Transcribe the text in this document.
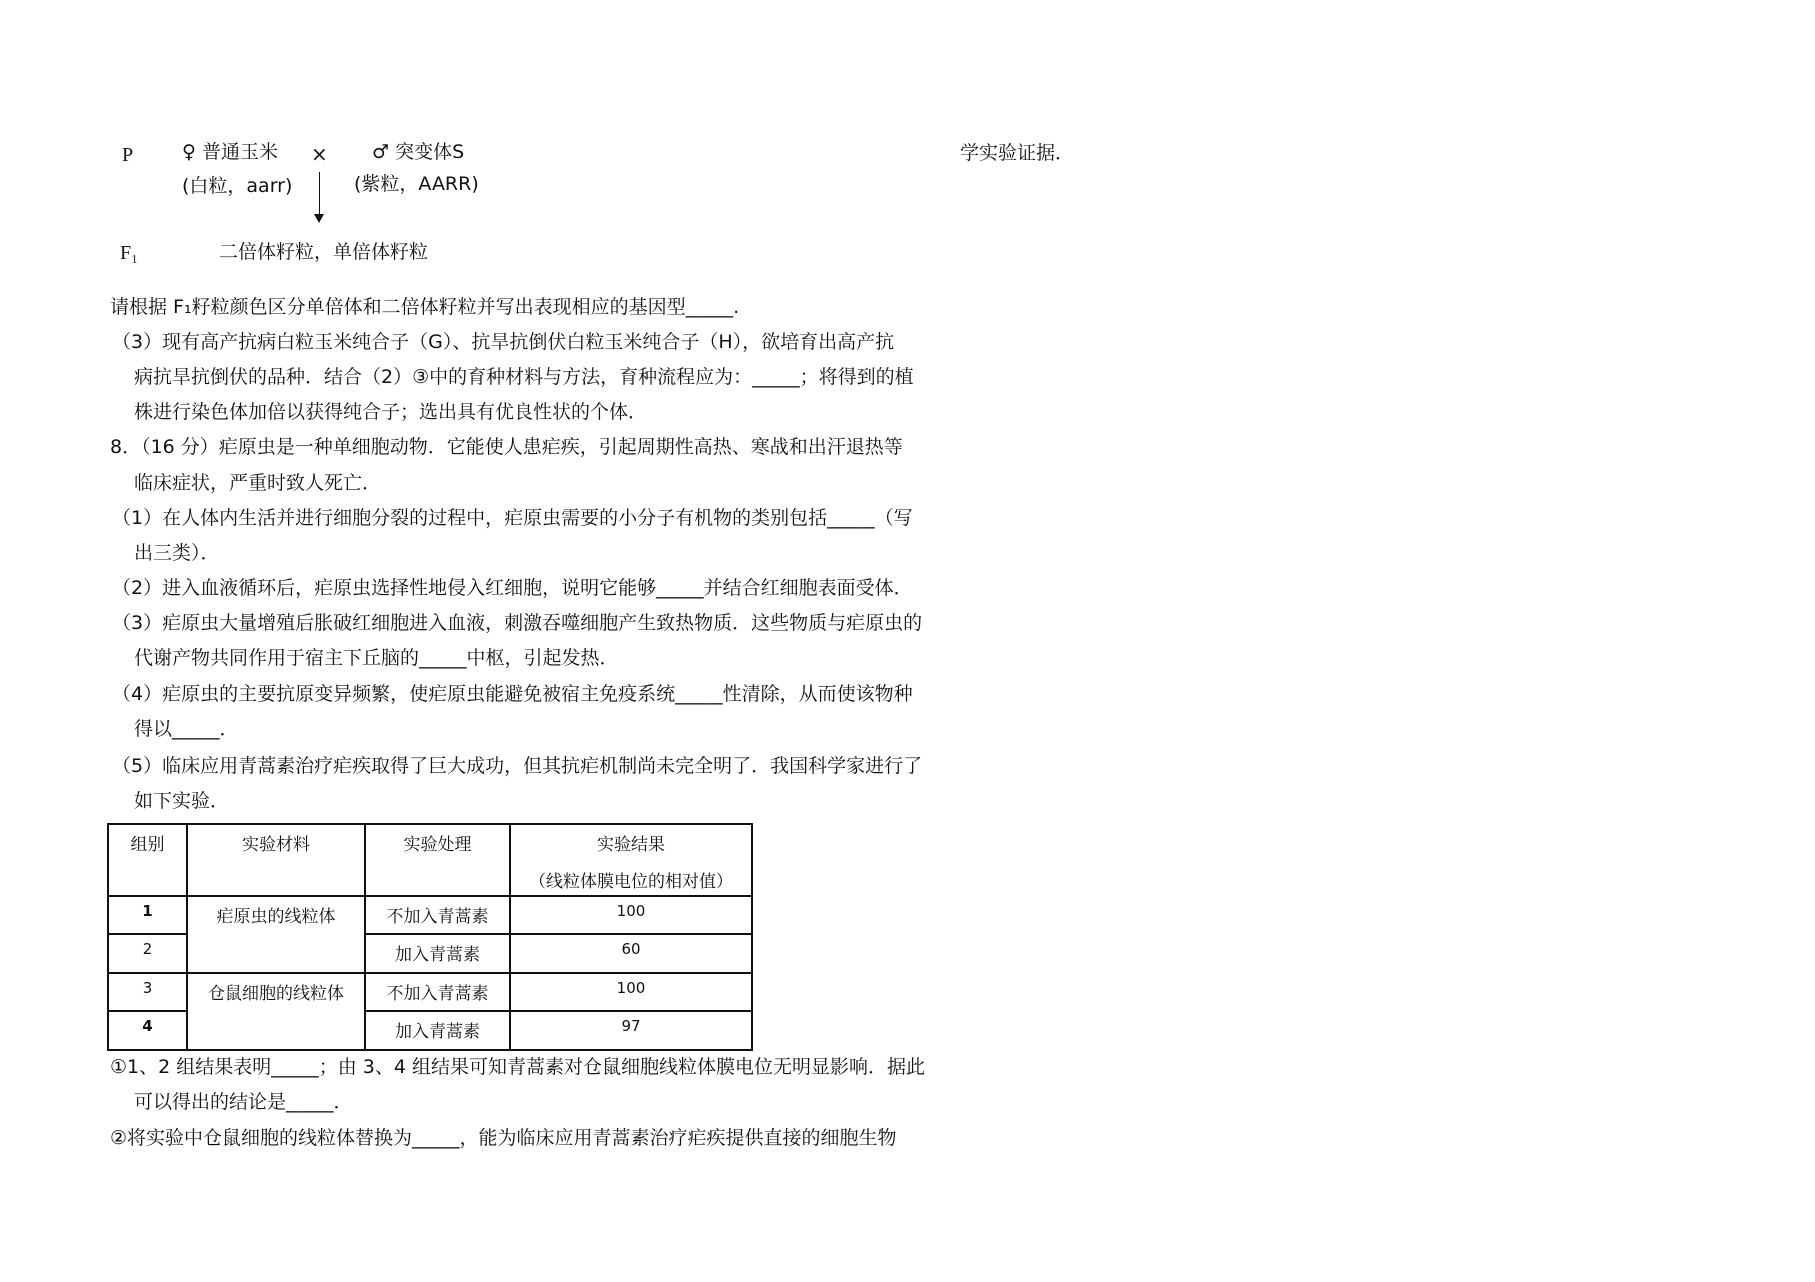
P	♀ 普通玉米 × ♂ 突变体S
(白粒，aarr)	(紫粒，AARR)
F₁	二倍体籽粒，单倍体籽粒
请根据 F₁籽粒颜色区分单倍体和二倍体籽粒并写出表现相应的基因型_____.
（3）现有高产抗病白粒玉米纯合子（G）、抗旱抗倒伏白粒玉米纯合子（H），欲培育出高产抗
病抗旱抗倒伏的品种．结合（2）③中的育种材料与方法，育种流程应为：_____；将得到的植
株进行染色体加倍以获得纯合子；选出具有优良性状的个体．
8．（16 分）疟原虫是一种单细胞动物．它能使人患疟疾，引起周期性高热、寒战和出汗退热等
临床症状，严重时致人死亡．
（1）在人体内生活并进行细胞分裂的过程中，疟原虫需要的小分子有机物的类别包括_____（写
出三类）．
（2）进入血液循环后，疟原虫选择性地侵入红细胞，说明它能够_____并结合红细胞表面受体．
（3）疟原虫大量增殖后胀破红细胞进入血液，刺激吞噬细胞产生致热物质．这些物质与疟原虫的
代谢产物共同作用于宿主下丘脑的_____中枢，引起发热．
（4）疟原虫的主要抗原变异频繁，使疟原虫能避免被宿主免疫系统_____性清除，从而使该物种
得以_____．
（5）临床应用青蒿素治疗疟疾取得了巨大成功，但其抗疟机制尚未完全明了．我国科学家进行了
如下实验．
组别	实验材料	实验处理	实验结果
（线粒体膜电位的相对值）

1	疟原虫的线粒体	不加入青蒿素	100

2		加入青蒿素	60

3	仓鼠细胞的线粒体	不加入青蒿素	100

4		加入青蒿素	97
①1、2 组结果表明_____；由 3、4 组结果可知青蒿素对仓鼠细胞线粒体膜电位无明显影响．据此
可以得出的结论是_____．
②将实验中仓鼠细胞的线粒体替换为_____，能为临床应用青蒿素治疗疟疾提供直接的细胞生物
学实验证据．
